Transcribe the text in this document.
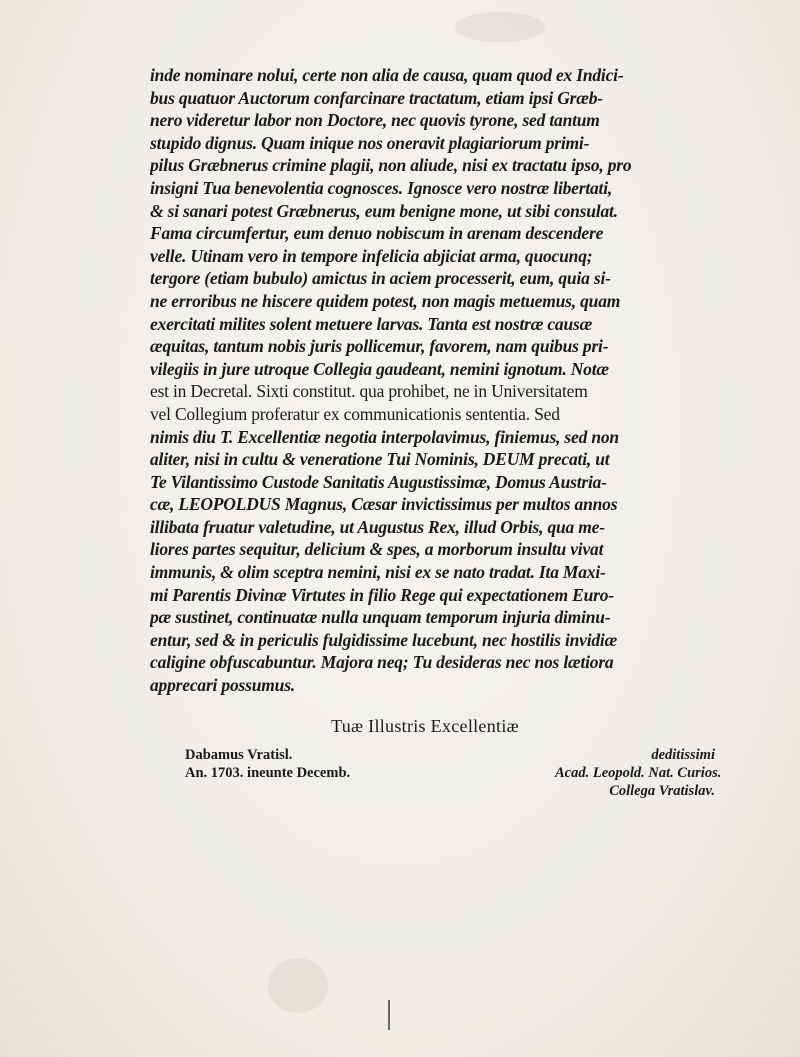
inde nominare nolui, certe non alia de causa, quam quod ex Indici-
bus quatuor Auctorum confarcinare tractatum, etiam ipsi Græb-
nero videretur labor non Doctore, nec quovis tyrone, sed tantum
stupido dignus. Quam inique nos oneravit plagiariorum primi-
pilus Græbnerus crimine plagii, non aliude, nisi ex tractatu ipso, pro
insigni Tua benevolentia cognosces. Ignosce vero nostræ libertati,
& si sanari potest Græbnerus, eum benigne mone, ut sibi consulat.
Fama circumfertur, eum denuo nobiscum in arenam descendere
velle. Utinam vero in tempore infelicia abjiciat arma, quocunq;
tergore (etiam bubulo) amictus in aciem processerit, eum, quia si-
ne erroribus ne hiscere quidem potest, non magis metuemus, quam
exercitati milites solent metuere larvas. Tanta est nostræ causæ
æquitas, tantum nobis juris pollicemur, favorem, nam quibus pri-
vilegiis in jure utroque Collegia gaudeant, nemini ignotum. Notæ
est in Decretal. Sixti constitut. qua prohibet, ne in Universitatem
vel Collegium proferatur ex communicationis sententia. Sed
nimis diu T. Excellentiæ negotia interpolavimus, finiemus, sed non
aliter, nisi in cultu & veneratione Tui Nominis, DEUM precati, ut
Te Vilantissimo Custode Sanitatis Augustissimæ, Domus Austria-
cæ, LEOPOLDUS Magnus, Cæsar invictissimus per multos annos
illibata fruatur valetudine, ut Augustus Rex, illud Orbis, qua me-
liores partes sequitur, delicium & spes, a morborum insultu vivat
immunis, & olim sceptra nemini, nisi ex se nato tradat. Ita Maxi-
mi Parentis Divinæ Virtutes in filio Rege qui expectationem Euro-
pæ sustinet, continuatæ nulla unquam temporum injuria diminu-
entur, sed & in periculis fulgidissime lucebunt, nec hostilis invidiæ
caligine obfuscabuntur. Majora neq; Tu desideras nec nos lætiora
apprecari possumus.
Tuæ Illustris Excellentiæ
Dabamus Vratisl.
An. 1703. ineunte Decemb.
deditissimi
Acad. Leopold. Nat. Curios.
Collega Vratislav.
